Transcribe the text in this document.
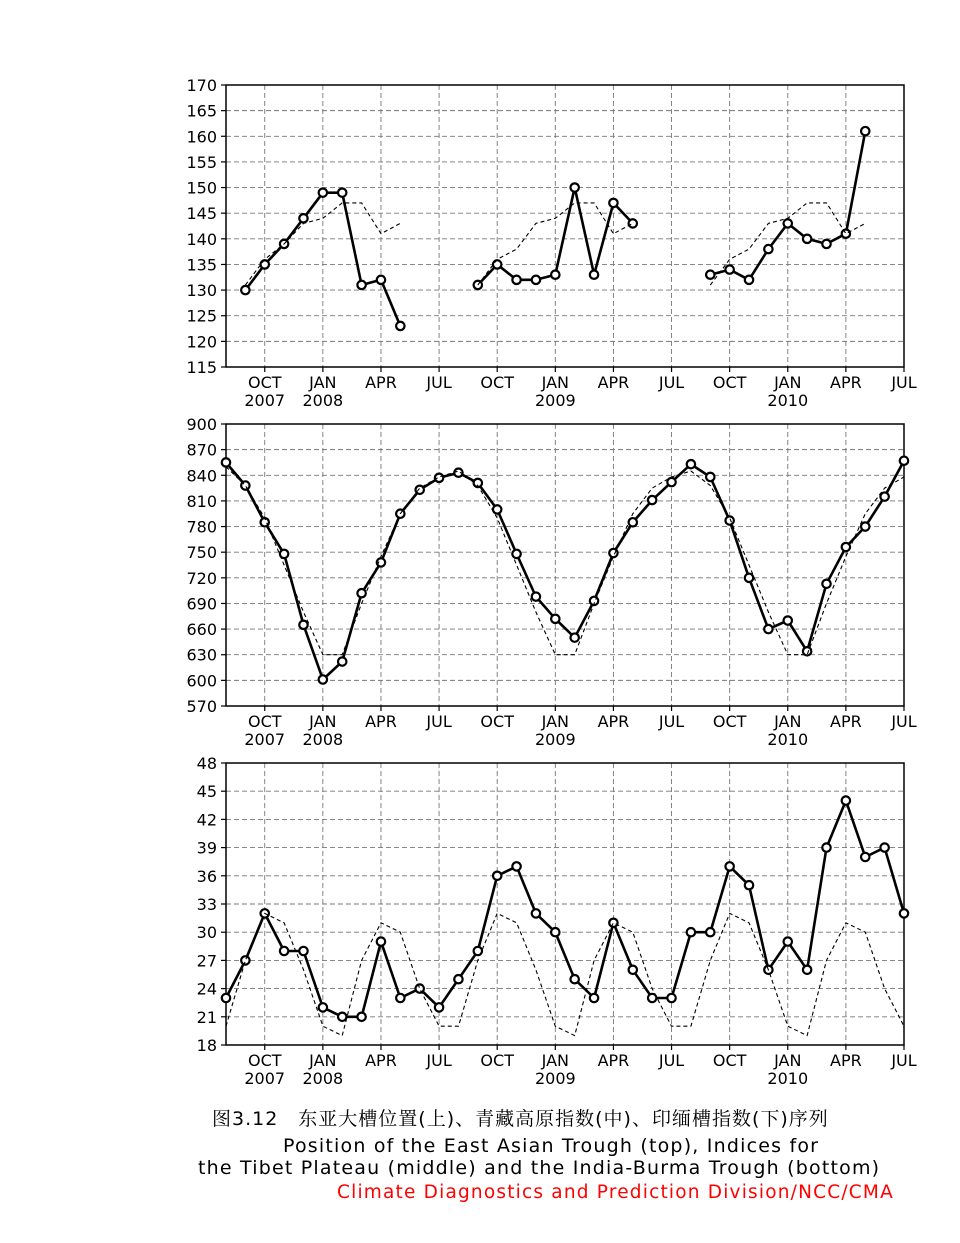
115
120
125
130
135
140
145
150
155
160
165
170
OCT
2007
JAN
2008
APR JUL OCT JAN
2009
APR JUL OCT JAN
2010
APR JUL
570
600
630
660
690
720
750
780
810
840
870
900
OCT
2007
JAN
2008
APR JUL OCT JAN
2009
APR JUL OCT JAN
2010
APR JUL
18
21
24
27
30
33
36
39
42
45
48
OCT
2007
JAN
2008
APR JUL OCT JAN
2009
APR JUL OCT JAN
2010
APR JUL
图3.12　东亚大槽位置(上)、青藏高原指数(中)、印缅槽指数(下)序列
Position of the East Asian Trough (top), Indices for
the Tibet Plateau (middle) and the India-Burma Trough (bottom)
Climate Diagnostics and Prediction Division/NCC/CMA
